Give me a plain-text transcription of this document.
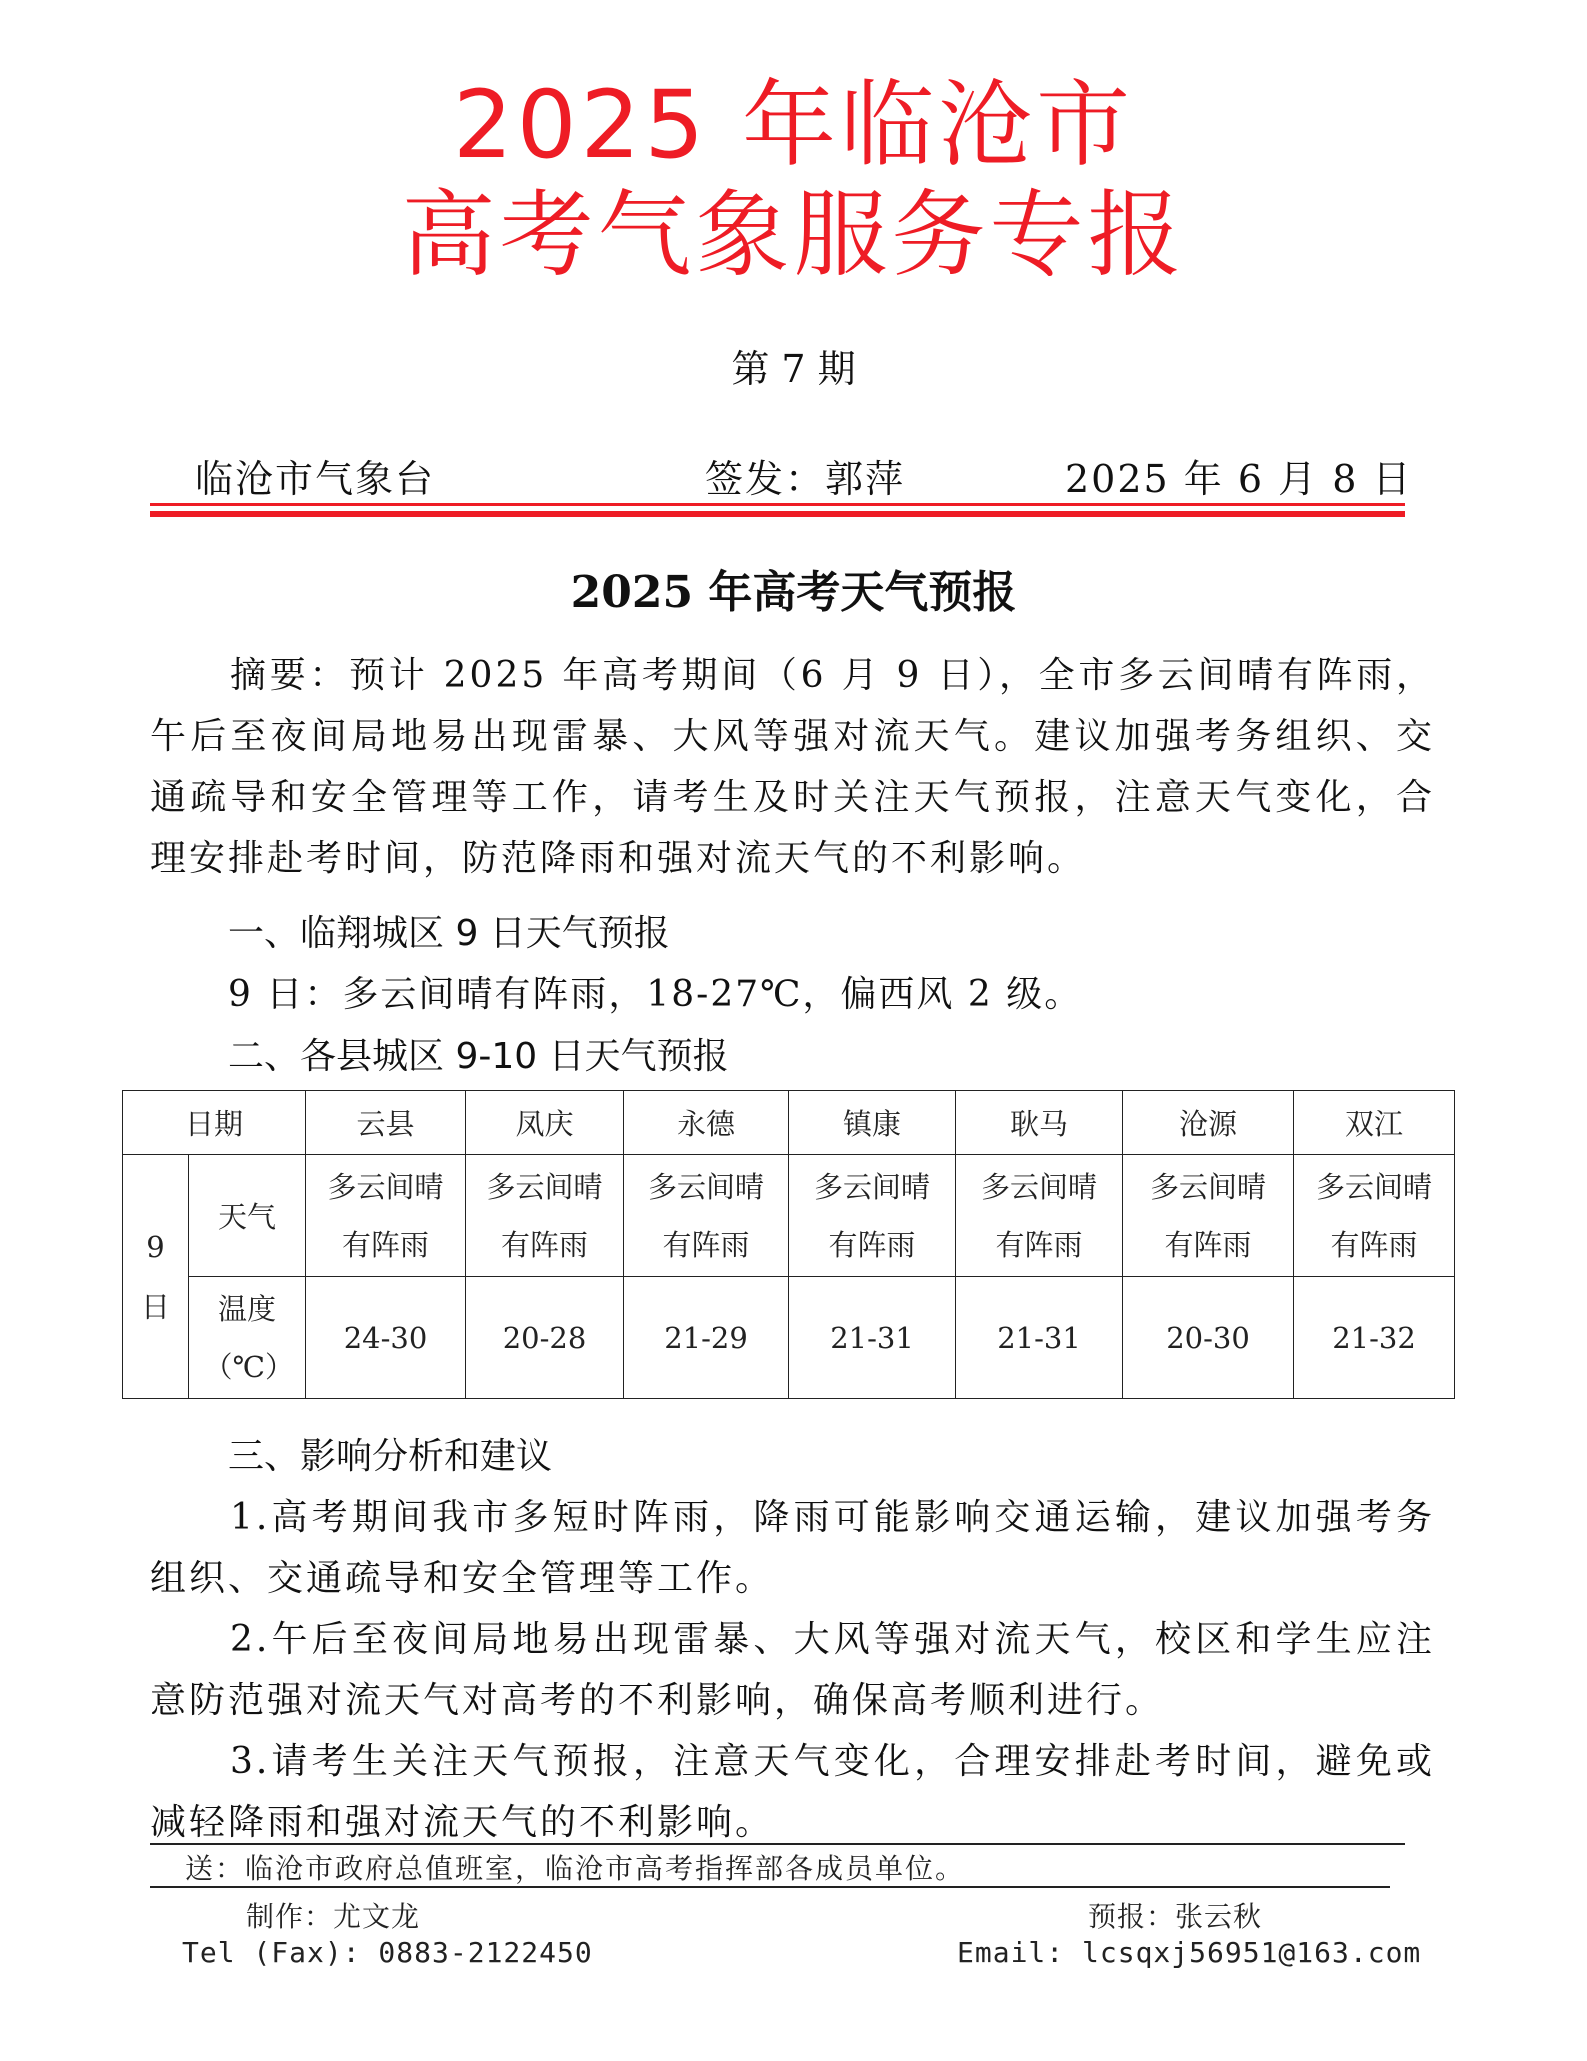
2025 年临沧市
高考气象服务专报
第 7 期
临沧市气象台	签发：郭萍	2025 年 6 月 8 日
2025 年高考天气预报
摘要：预计 2025 年高考期间（6 月 9 日），全市多云间晴有阵雨，午后至夜间局地易出现雷暴、大风等强对流天气。建议加强考务组织、交通疏导和安全管理等工作，请考生及时关注天气预报，注意天气变化，合理安排赴考时间，防范降雨和强对流天气的不利影响。
一、临翔城区 9 日天气预报
9 日：多云间晴有阵雨，18-27℃，偏西风 2 级。
二、各县城区 9-10 日天气预报
日期		云县	凤庆	永德	镇康	耿马	沧源	双江

9日	天气	多云间晴有阵雨	多云间晴有阵雨	多云间晴有阵雨	多云间晴有阵雨	多云间晴有阵雨	多云间晴有阵雨	多云间晴有阵雨

	温度（℃）	24-30	20-28	21-29	21-31	21-31	20-30	21-32
三、影响分析和建议
1.高考期间我市多短时阵雨，降雨可能影响交通运输，建议加强考务组织、交通疏导和安全管理等工作。
2.午后至夜间局地易出现雷暴、大风等强对流天气，校区和学生应注意防范强对流天气对高考的不利影响，确保高考顺利进行。
3.请考生关注天气预报，注意天气变化，合理安排赴考时间，避免或减轻降雨和强对流天气的不利影响。
送：临沧市政府总值班室，临沧市高考指挥部各成员单位。
制作：尤文龙	预报：张云秋
Tel (Fax): 0883-2122450	Email: lcsqxj56951@163.com
